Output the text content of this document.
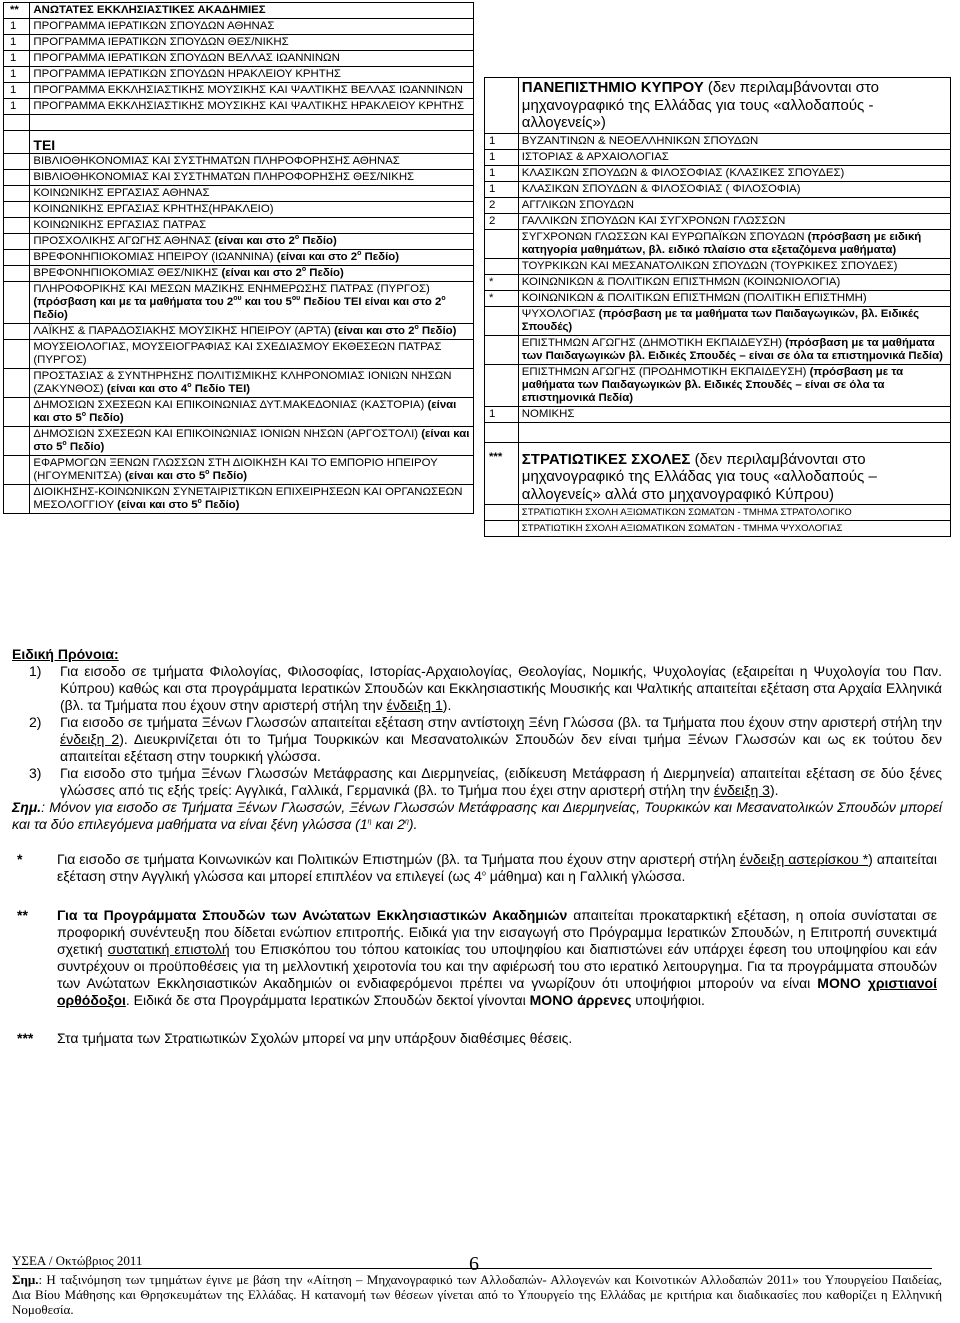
**	ΑΝΩΤΑΤΕΣ ΕΚΚΛΗΣΙΑΣΤΙΚΕΣ ΑΚΑΔΗΜΙΕΣ
1	ΠΡΟΓΡΑΜΜΑ ΙΕΡΑΤΙΚΩΝ ΣΠΟΥΔΩΝ ΑΘΗΝΑΣ
1	ΠΡΟΓΡΑΜΜΑ ΙΕΡΑΤΙΚΩΝ ΣΠΟΥΔΩΝ ΘΕΣ/ΝΙΚΗΣ
1	ΠΡΟΓΡΑΜΜΑ ΙΕΡΑΤΙΚΩΝ ΣΠΟΥΔΩΝ ΒΕΛΛΑΣ ΙΩΑΝΝΙΝΩΝ
1	ΠΡΟΓΡΑΜΜΑ ΙΕΡΑΤΙΚΩΝ ΣΠΟΥΔΩΝ ΗΡΑΚΛΕΙΟΥ ΚΡΗΤΗΣ
1	ΠΡΟΓΡΑΜΜΑ ΕΚΚΛΗΣΙΑΣΤΙΚΗΣ ΜΟΥΣΙΚΗΣ ΚΑΙ ΨΑΛΤΙΚΗΣ ΒΕΛΛΑΣ ΙΩΑΝΝΙΝΩΝ
1	ΠΡΟΓΡΑΜΜΑ ΕΚΚΛΗΣΙΑΣΤΙΚΗΣ ΜΟΥΣΙΚΗΣ ΚΑΙ ΨΑΛΤΙΚΗΣ ΗΡΑΚΛΕΙΟΥ ΚΡΗΤΗΣ

	ΤΕΙ
	ΒΙΒΛΙΟΘΗΚΟΝΟΜΙΑΣ ΚΑΙ ΣΥΣΤΗΜΑΤΩΝ ΠΛΗΡΟΦΟΡΗΣΗΣ ΑΘΗΝΑΣ
	ΒΙΒΛΙΟΘΗΚΟΝΟΜΙΑΣ ΚΑΙ ΣΥΣΤΗΜΑΤΩΝ ΠΛΗΡΟΦΟΡΗΣΗΣ ΘΕΣ/ΝΙΚΗΣ
	ΚΟΙΝΩΝΙΚΗΣ ΕΡΓΑΣΙΑΣ ΑΘΗΝΑΣ
	ΚΟΙΝΩΝΙΚΗΣ ΕΡΓΑΣΙΑΣ ΚΡΗΤΗΣ(ΗΡΑΚΛΕΙΟ)
	ΚΟΙΝΩΝΙΚΗΣ ΕΡΓΑΣΙΑΣ ΠΑΤΡΑΣ
	ΠΡΟΣΧΟΛΙΚΗΣ ΑΓΩΓΗΣ ΑΘΗΝΑΣ (είναι και στο $2^o$ Πεδίο)
	ΒΡΕΦΟΝΗΠΙΟΚΟΜΙΑΣ ΗΠΕΙΡΟΥ (ΙΩΑΝΝΙΝΑ) (είναι και στο $2^o$ Πεδίο)
	ΒΡΕΦΟΝΗΠΙΟΚΟΜΙΑΣ ΘΕΣ/ΝΙΚΗΣ (είναι και στο $2^o$ Πεδίο)
	ΠΛΗΡΟΦΟΡΙΚΗΣ ΚΑΙ ΜΕΣΩΝ ΜΑΖΙΚΗΣ ΕΝΗΜΕΡΩΣΗΣ ΠΑΤΡΑΣ (ΠΥΡΓΟΣ) (πρόσβαση και με τα μαθήματα του $2^{o\upsilon}$ και του $5^{o\upsilon}$ Πεδίου ΤΕΙ είναι και στο $2^o$ Πεδίο)
	ΛΑΪΚΗΣ & ΠΑΡΑΔΟΣΙΑΚΗΣ ΜΟΥΣΙΚΗΣ ΗΠΕΙΡΟΥ (ΑΡΤΑ) (είναι και στο $2^o$ Πεδίο)
	ΜΟΥΣΕΙΟΛΟΓΙΑΣ, ΜΟΥΣΕΙΟΓΡΑΦΙΑΣ ΚΑΙ ΣΧΕΔΙΑΣΜΟΥ ΕΚΘΕΣΕΩΝ ΠΑΤΡΑΣ (ΠΥΡΓΟΣ)
	ΠΡΟΣΤΑΣΙΑΣ & ΣΥΝΤΗΡΗΣΗΣ ΠΟΛΙΤΙΣΜΙΚΗΣ ΚΛΗΡΟΝΟΜΙΑΣ ΙΟΝΙΩΝ ΝΗΣΩΝ (ΖΑΚΥΝΘΟΣ) (είναι και στο $4^o$ Πεδίο ΤΕΙ)
	ΔΗΜΟΣΙΩΝ ΣΧΕΣΕΩΝ ΚΑΙ ΕΠΙΚΟΙΝΩΝΙΑΣ ΔΥΤ.ΜΑΚΕΔΟΝΙΑΣ (ΚΑΣΤΟΡΙΑ) (είναι και στο $5^o$ Πεδίο)
	ΔΗΜΟΣΙΩΝ ΣΧΕΣΕΩΝ ΚΑΙ ΕΠΙΚΟΙΝΩΝΙΑΣ ΙΟΝΙΩΝ ΝΗΣΩΝ (ΑΡΓΟΣΤΟΛΙ) (είναι και στο $5^o$ Πεδίο)
	ΕΦΑΡΜΟΓΩΝ ΞΕΝΩΝ ΓΛΩΣΣΩΝ ΣΤΗ ΔΙΟΙΚΗΣΗ ΚΑΙ ΤΟ ΕΜΠΟΡΙΟ ΗΠΕΙΡΟΥ (ΗΓΟΥΜΕΝΙΤΣΑ) (είναι και στο $5^o$ Πεδίο)
	ΔΙΟΙΚΗΣΗΣ-ΚΟΙΝΩΝΙΚΩΝ ΣΥΝΕΤΑΙΡΙΣΤΙΚΩΝ ΕΠΙΧΕΙΡΗΣΕΩΝ ΚΑΙ ΟΡΓΑΝΩΣΕΩΝ ΜΕΣΟΛΟΓΓΙΟΥ (είναι και στο $5^o$ Πεδίο)
	ΠΑΝΕΠΙΣΤΗΜΙΟ ΚΥΠΡΟΥ (δεν περιλαμβάνονται στο μηχανογραφικό της Ελλάδας για τους «αλλοδαπούς - αλλογενείς»)
1	ΒΥΖΑΝΤΙΝΩΝ & ΝΕΟΕΛΛΗΝΙΚΩΝ ΣΠΟΥΔΩΝ
1	ΙΣΤΟΡΙΑΣ & ΑΡΧΑΙΟΛΟΓΙΑΣ
1	ΚΛΑΣΙΚΩΝ ΣΠΟΥΔΩΝ & ΦΙΛΟΣΟΦΙΑΣ (ΚΛΑΣΙΚΕΣ ΣΠΟΥΔΕΣ)
1	ΚΛΑΣΙΚΩΝ ΣΠΟΥΔΩΝ & ΦΙΛΟΣΟΦΙΑΣ ( ΦΙΛΟΣΟΦΙΑ)
2	ΑΓΓΛΙΚΩΝ ΣΠΟΥΔΩΝ
2	ΓΑΛΛΙΚΩΝ ΣΠΟΥΔΩΝ ΚΑΙ ΣΥΓΧΡΟΝΩΝ ΓΛΩΣΣΩΝ
	ΣΥΓΧΡΟΝΩΝ ΓΛΩΣΣΩΝ ΚΑΙ ΕΥΡΩΠΑΪΚΩΝ ΣΠΟΥΔΩΝ (πρόσβαση με ειδική κατηγορία μαθημάτων, βλ. ειδικό πλαίσιο στα εξεταζόμενα μαθήματα)
	ΤΟΥΡΚΙΚΩΝ ΚΑΙ ΜΕΣΑΝΑΤΟΛΙΚΩΝ ΣΠΟΥΔΩΝ (ΤΟΥΡΚΙΚΕΣ ΣΠΟΥΔΕΣ)
*	ΚΟΙΝΩΝΙΚΩΝ & ΠΟΛΙΤΙΚΩΝ ΕΠΙΣΤΗΜΩΝ (ΚΟΙΝΩΝΙΟΛΟΓΙΑ)
*	ΚΟΙΝΩΝΙΚΩΝ & ΠΟΛΙΤΙΚΩΝ ΕΠΙΣΤΗΜΩΝ (ΠΟΛΙΤΙΚΗ ΕΠΙΣΤΗΜΗ)
	ΨΥΧΟΛΟΓΙΑΣ (πρόσβαση με τα μαθήματα των Παιδαγωγικών, βλ. Ειδικές Σπουδές)
	ΕΠΙΣΤΗΜΩΝ ΑΓΩΓΗΣ (ΔΗΜΟΤΙΚΗ ΕΚΠΑΙΔΕΥΣΗ) (πρόσβαση με τα μαθήματα των Παιδαγωγικών βλ. Ειδικές Σπουδές – είναι σε όλα τα επιστημονικά Πεδία)
	ΕΠΙΣΤΗΜΩΝ ΑΓΩΓΗΣ (ΠΡΟΔΗΜΟΤΙΚΗ ΕΚΠΑΙΔΕΥΣΗ) (πρόσβαση με τα μαθήματα των Παιδαγωγικών βλ. Ειδικές Σπουδές – είναι σε όλα τα επιστημονικά Πεδία)
1	ΝΟΜΙΚΗΣ

***	ΣΤΡΑΤΙΩΤΙΚΕΣ ΣΧΟΛΕΣ (δεν περιλαμβάνονται στο μηχανογραφικό της Ελλάδας για τους «αλλοδαπούς – αλλογενείς» αλλά στο μηχανογραφικό Κύπρου)
	ΣΤΡΑΤΙΩΤΙΚΗ ΣΧΟΛΗ ΑΞΙΩΜΑΤΙΚΩΝ ΣΩΜΑΤΩΝ - ΤΜΗΜΑ ΣΤΡΑΤΟΛΟΓΙΚΟ
	ΣΤΡΑΤΙΩΤΙΚΗ ΣΧΟΛΗ ΑΞΙΩΜΑΤΙΚΩΝ ΣΩΜΑΤΩΝ - ΤΜΗΜΑ ΨΥΧΟΛΟΓΙΑΣ
Ειδική Πρόνοια:
1) Για εισοδο σε τμήματα Φιλολογίας, Φιλοσοφίας, Ιστορίας-Αρχαιολογίας, Θεολογίας, Νομικής, Ψυχολογίας (εξαιρείται η Ψυχολογία του Παν. Κύπρου) καθώς και στα προγράμματα Ιερατικών Σπουδών και Εκκλησιαστικής Μουσικής και Ψαλτικής απαιτείται εξέταση στα Αρχαία Ελληνικά (βλ. τα Τμήματα που έχουν στην αριστερή στήλη την ένδειξη 1).
2) Για εισοδο σε τμήματα Ξένων Γλωσσών απαιτείται εξέταση στην αντίστοιχη Ξένη Γλώσσα (βλ. τα Τμήματα που έχουν στην αριστερή στήλη την ένδειξη 2). Διευκρινίζεται ότι το Τμήμα Τουρκικών και Μεσανατολικών Σπουδών δεν είναι τμήμα Ξένων Γλωσσών και ως εκ τούτου δεν απαιτείται εξέταση στην τουρκική γλώσσα.
3) Για εισοδο στο τμήμα Ξένων Γλωσσών Μετάφρασης και Διερμηνείας, (ειδίκευση Μετάφραση ή Διερμηνεία) απαιτείται εξέταση σε δύο ξένες γλώσσες από τις εξής τρείς: Αγγλικά, Γαλλικά, Γερμανικά (βλ. το Τμήμα που έχει στην αριστερή στήλη την ένδειξη 3).
Σημ.: Μόνον για εισοδο σε Τμήματα Ξένων Γλωσσών, Ξένων Γλωσσών Μετάφρασης και Διερμηνείας, Τουρκικών και Μεσανατολικών Σπουδών μπορεί και τα δύο επιλεγόμενα μαθήματα να είναι ξένη γλώσσα ($1^\eta$ και $2^\eta$).
*	Για εισοδο σε τμήματα Κοινωνικών και Πολιτικών Επιστημών (βλ. τα Τμήματα που έχουν στην αριστερή στήλη ένδειξη αστερίσκου *) απαιτείται εξέταση στην Αγγλική γλώσσα και μπορεί επιπλέον να επιλεγεί (ως $4^o$ μάθημα) και η Γαλλική γλώσσα.
**	Για τα Προγράμματα Σπουδών των Ανώτατων Εκκλησιαστικών Ακαδημιών απαιτείται προκαταρκτική εξέταση, η οποία συνίσταται σε προφορική συνέντευξη που δίδεται ενώπιον επιτροπής. Ειδικά για την εισαγωγή στο Πρόγραμμα Ιερατικών Σπουδών, η Επιτροπή συνεκτιμά σχετική συστατική επιστολή του Επισκόπου του τόπου κατοικίας του υποψηφίου και διαπιστώνει εάν υπάρχει έφεση του υποψηφίου και εάν συντρέχουν οι προϋποθέσεις για τη μελλοντική χειροτονία του και την αφιέρωσή του στο ιερατικό λειτουργημα. Για τα προγράμματα σπουδών των Ανώτατων Εκκλησιαστικών Ακαδημιών οι ενδιαφερόμενοι πρέπει να γνωρίζουν ότι υποψήφιοι μπορούν να είναι ΜΟΝΟ χριστιανοί ορθόδοξοι. Ειδικά δε στα Προγράμματα Ιερατικών Σπουδών δεκτοί γίνονται ΜΟΝΟ άρρενες υποψήφιοι.
***	Στα τμήματα των Στρατιωτικών Σχολών μπορεί να μην υπάρξουν διαθέσιμες θέσεις.
ΥΣΕΑ / Οκτώβριος 2011	6
Σημ.: Η ταξινόμηση των τμημάτων έγινε με βάση την «Αίτηση – Μηχανογραφικό των Αλλοδαπών- Αλλογενών και Κοινοτικών Αλλοδαπών 2011» του Υπουργείου Παιδείας, Δια Βίου Μάθησης και Θρησκευμάτων της Ελλάδας. Η κατανομή των θέσεων γίνεται από το Υπουργείο της Ελλάδας με κριτήρια και διαδικασίες που καθορίζει η Ελληνική Νομοθεσία.
